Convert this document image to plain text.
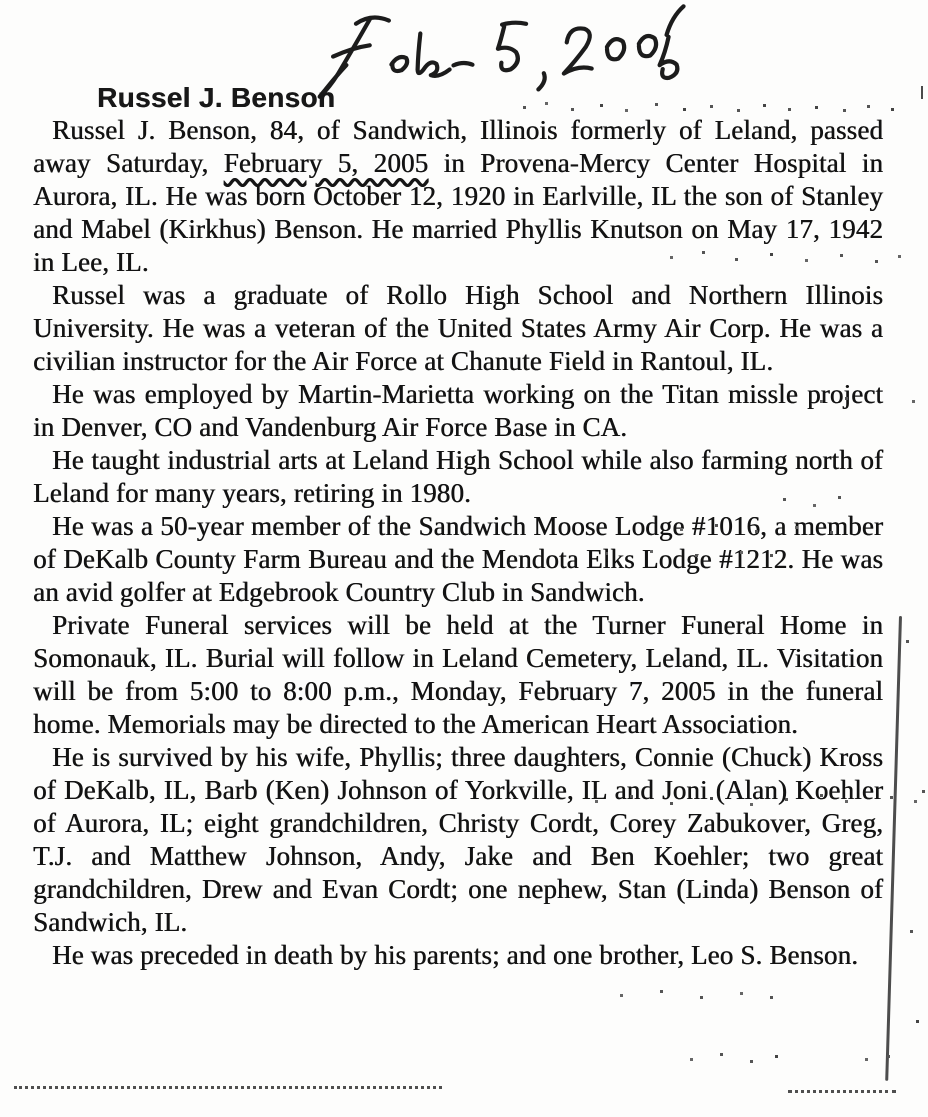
Russel J. Benson

Russel J. Benson, 84, of Sandwich, Illinois formerly of Leland, passed away Saturday, February 5, 2005 in Provena-Mercy Center Hospital in Aurora, IL. He was born October 12, 1920 in Earlville, IL the son of Stanley and Mabel (Kirkhus) Benson. He married Phyllis Knutson on May 17, 1942 in Lee, IL.

Russel was a graduate of Rollo High School and Northern Illinois University. He was a veteran of the United States Army Air Corp. He was a civilian instructor for the Air Force at Chanute Field in Rantoul, IL.

He was employed by Martin-Marietta working on the Titan missle project in Denver, CO and Vandenburg Air Force Base in CA.

He taught industrial arts at Leland High School while also farming north of Leland for many years, retiring in 1980.

He was a 50-year member of the Sandwich Moose Lodge #1016, a member of DeKalb County Farm Bureau and the Mendota Elks Lodge #1212. He was an avid golfer at Edgebrook Country Club in Sandwich.

Private Funeral services will be held at the Turner Funeral Home in Somonauk, IL. Burial will follow in Leland Cemetery, Leland, IL. Visitation will be from 5:00 to 8:00 p.m., Monday, February 7, 2005 in the funeral home. Memorials may be directed to the American Heart Association.

He is survived by his wife, Phyllis; three daughters, Connie (Chuck) Kross of DeKalb, IL, Barb (Ken) Johnson of Yorkville, IL and Joni (Alan) Koehler of Aurora, IL; eight grandchildren, Christy Cordt, Corey Zabukover, Greg, T.J. and Matthew Johnson, Andy, Jake and Ben Koehler; two great grandchildren, Drew and Evan Cordt; one nephew, Stan (Linda) Benson of Sandwich, IL.

He was preceded in death by his parents; and one brother, Leo S. Benson.
